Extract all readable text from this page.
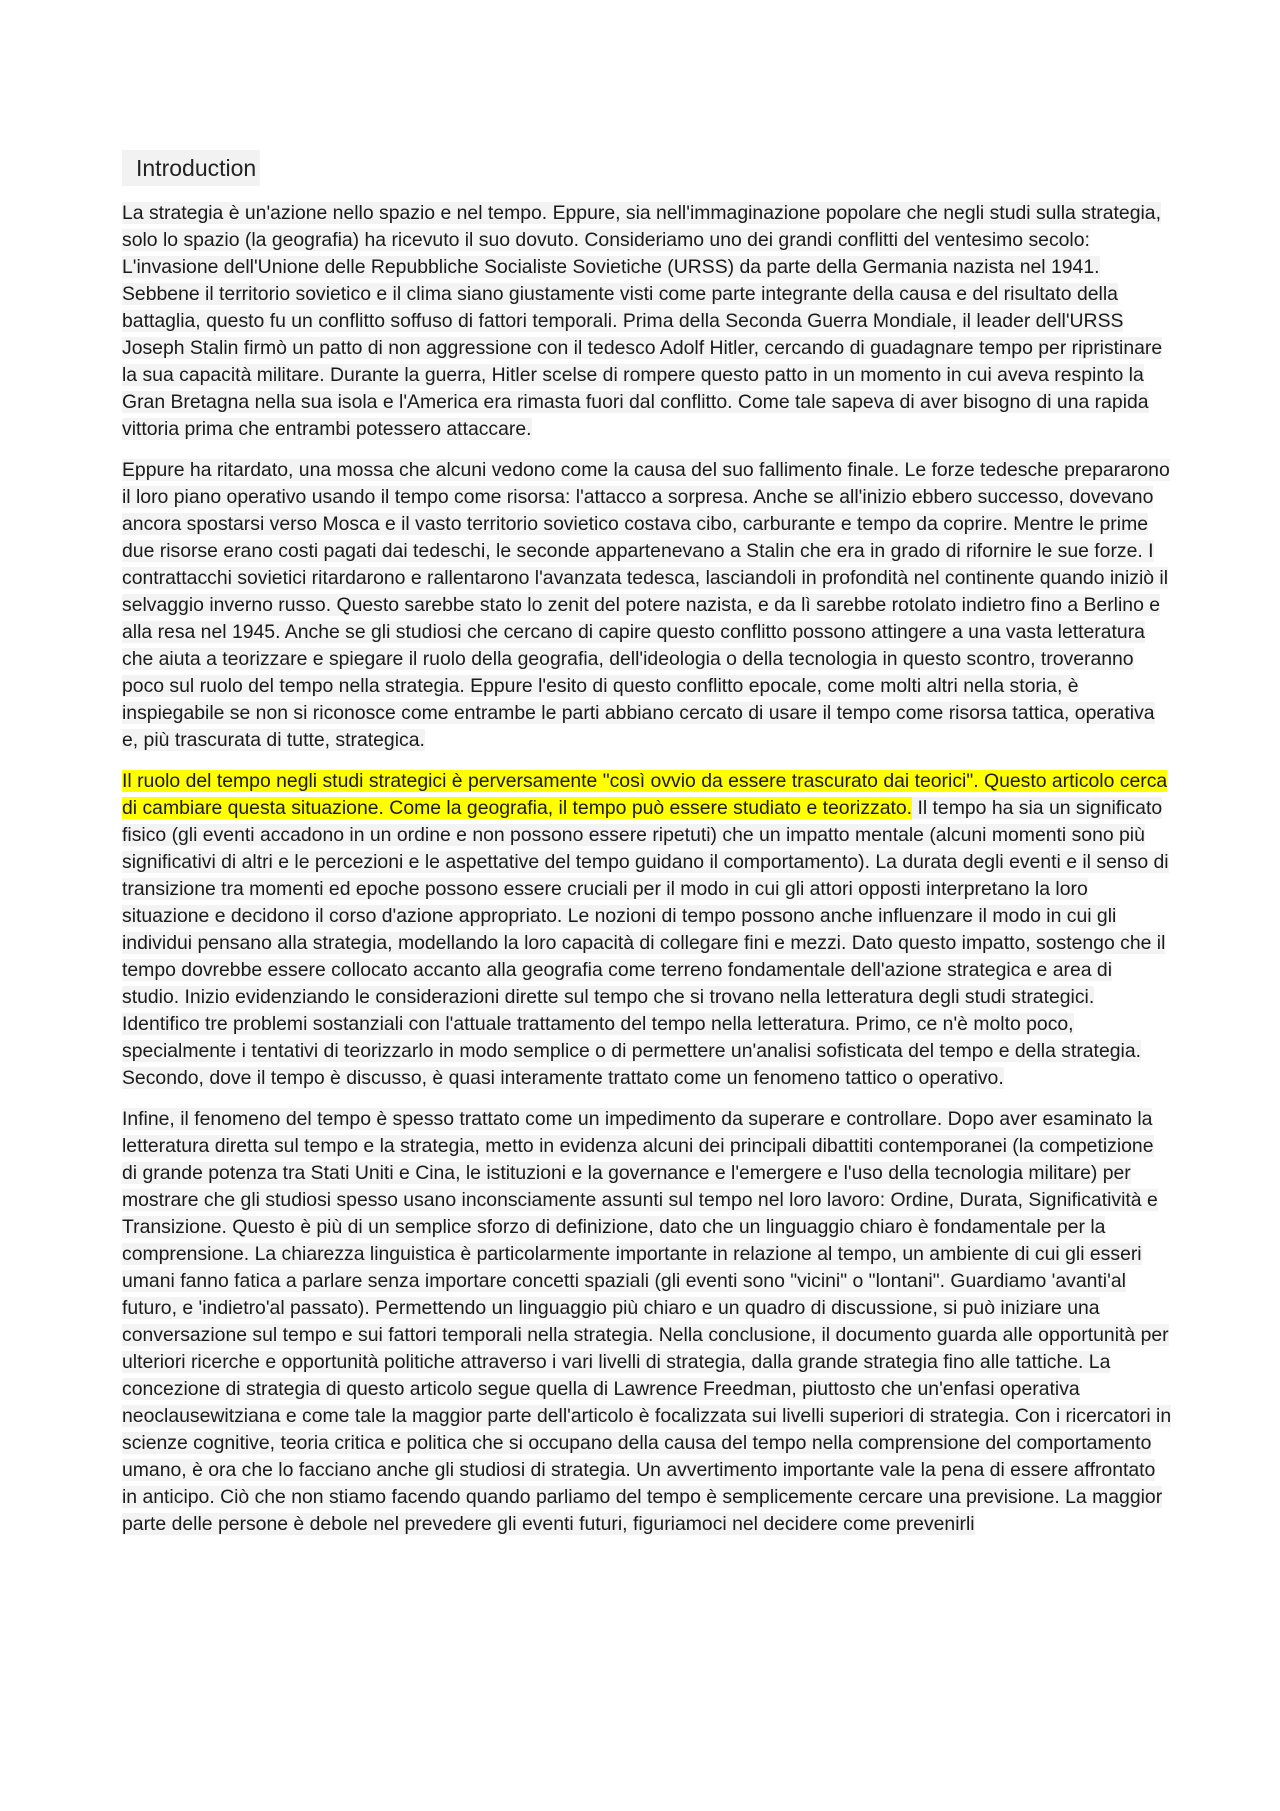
Introduction

La strategia è un'azione nello spazio e nel tempo. Eppure, sia nell'immaginazione popolare che negli studi sulla strategia, solo lo spazio (la geografia) ha ricevuto il suo dovuto. Consideriamo uno dei grandi conflitti del ventesimo secolo: L'invasione dell'Unione delle Repubbliche Socialiste Sovietiche (URSS) da parte della Germania nazista nel 1941. Sebbene il territorio sovietico e il clima siano giustamente visti come parte integrante della causa e del risultato della battaglia, questo fu un conflitto soffuso di fattori temporali. Prima della Seconda Guerra Mondiale, il leader dell'URSS Joseph Stalin firmò un patto di non aggressione con il tedesco Adolf Hitler, cercando di guadagnare tempo per ripristinare la sua capacità militare. Durante la guerra, Hitler scelse di rompere questo patto in un momento in cui aveva respinto la Gran Bretagna nella sua isola e l'America era rimasta fuori dal conflitto. Come tale sapeva di aver bisogno di una rapida vittoria prima che entrambi potessero attaccare.

Eppure ha ritardato, una mossa che alcuni vedono come la causa del suo fallimento finale. Le forze tedesche prepararono il loro piano operativo usando il tempo come risorsa: l'attacco a sorpresa. Anche se all'inizio ebbero successo, dovevano ancora spostarsi verso Mosca e il vasto territorio sovietico costava cibo, carburante e tempo da coprire. Mentre le prime due risorse erano costi pagati dai tedeschi, le seconde appartenevano a Stalin che era in grado di rifornire le sue forze. I contrattacchi sovietici ritardarono e rallentarono l'avanzata tedesca, lasciandoli in profondità nel continente quando iniziò il selvaggio inverno russo. Questo sarebbe stato lo zenit del potere nazista, e da lì sarebbe rotolato indietro fino a Berlino e alla resa nel 1945. Anche se gli studiosi che cercano di capire questo conflitto possono attingere a una vasta letteratura che aiuta a teorizzare e spiegare il ruolo della geografia, dell'ideologia o della tecnologia in questo scontro, troveranno poco sul ruolo del tempo nella strategia. Eppure l'esito di questo conflitto epocale, come molti altri nella storia, è inspiegabile se non si riconosce come entrambe le parti abbiano cercato di usare il tempo come risorsa tattica, operativa e, più trascurata di tutte, strategica.

Il ruolo del tempo negli studi strategici è perversamente "così ovvio da essere trascurato dai teorici". Questo articolo cerca di cambiare questa situazione. Come la geografia, il tempo può essere studiato e teorizzato. Il tempo ha sia un significato fisico (gli eventi accadono in un ordine e non possono essere ripetuti) che un impatto mentale (alcuni momenti sono più significativi di altri e le percezioni e le aspettative del tempo guidano il comportamento). La durata degli eventi e il senso di transizione tra momenti ed epoche possono essere cruciali per il modo in cui gli attori opposti interpretano la loro situazione e decidono il corso d'azione appropriato. Le nozioni di tempo possono anche influenzare il modo in cui gli individui pensano alla strategia, modellando la loro capacità di collegare fini e mezzi. Dato questo impatto, sostengo che il tempo dovrebbe essere collocato accanto alla geografia come terreno fondamentale dell'azione strategica e area di studio. Inizio evidenziando le considerazioni dirette sul tempo che si trovano nella letteratura degli studi strategici. Identifico tre problemi sostanziali con l'attuale trattamento del tempo nella letteratura. Primo, ce n'è molto poco, specialmente i tentativi di teorizzarlo in modo semplice o di permettere un'analisi sofisticata del tempo e della strategia. Secondo, dove il tempo è discusso, è quasi interamente trattato come un fenomeno tattico o operativo.

Infine, il fenomeno del tempo è spesso trattato come un impedimento da superare e controllare. Dopo aver esaminato la letteratura diretta sul tempo e la strategia, metto in evidenza alcuni dei principali dibattiti contemporanei (la competizione di grande potenza tra Stati Uniti e Cina, le istituzioni e la governance e l'emergere e l'uso della tecnologia militare) per mostrare che gli studiosi spesso usano inconsciamente assunti sul tempo nel loro lavoro: Ordine, Durata, Significatività e Transizione. Questo è più di un semplice sforzo di definizione, dato che un linguaggio chiaro è fondamentale per la comprensione. La chiarezza linguistica è particolarmente importante in relazione al tempo, un ambiente di cui gli esseri umani fanno fatica a parlare senza importare concetti spaziali (gli eventi sono "vicini" o "lontani". Guardiamo 'avanti'al futuro, e 'indietro'al passato). Permettendo un linguaggio più chiaro e un quadro di discussione, si può iniziare una conversazione sul tempo e sui fattori temporali nella strategia. Nella conclusione, il documento guarda alle opportunità per ulteriori ricerche e opportunità politiche attraverso i vari livelli di strategia, dalla grande strategia fino alle tattiche. La concezione di strategia di questo articolo segue quella di Lawrence Freedman, piuttosto che un'enfasi operativa neoclausewitziana e come tale la maggior parte dell'articolo è focalizzata sui livelli superiori di strategia. Con i ricercatori in scienze cognitive, teoria critica e politica che si occupano della causa del tempo nella comprensione del comportamento umano, è ora che lo facciano anche gli studiosi di strategia. Un avvertimento importante vale la pena di essere affrontato in anticipo. Ciò che non stiamo facendo quando parliamo del tempo è semplicemente cercare una previsione. La maggior parte delle persone è debole nel prevedere gli eventi futuri, figuriamoci nel decidere come prevenirli
